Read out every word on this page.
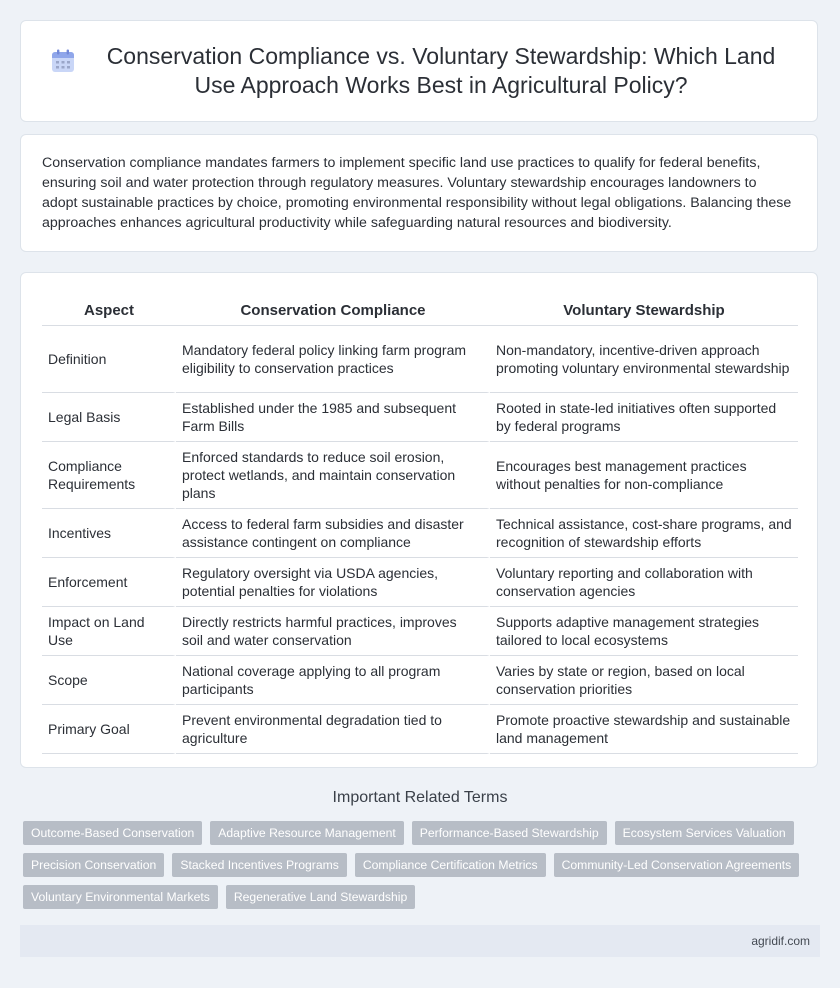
Conservation Compliance vs. Voluntary Stewardship: Which Land Use Approach Works Best in Agricultural Policy?

Conservation compliance mandates farmers to implement specific land use practices to qualify for federal benefits, ensuring soil and water protection through regulatory measures. Voluntary stewardship encourages landowners to adopt sustainable practices by choice, promoting environmental responsibility without legal obligations. Balancing these approaches enhances agricultural productivity while safeguarding natural resources and biodiversity.

Aspect	Conservation Compliance	Voluntary Stewardship
Definition	Mandatory federal policy linking farm program eligibility to conservation practices	Non-mandatory, incentive-driven approach promoting voluntary environmental stewardship
Legal Basis	Established under the 1985 and subsequent Farm Bills	Rooted in state-led initiatives often supported by federal programs
Compliance Requirements	Enforced standards to reduce soil erosion, protect wetlands, and maintain conservation plans	Encourages best management practices without penalties for non-compliance
Incentives	Access to federal farm subsidies and disaster assistance contingent on compliance	Technical assistance, cost-share programs, and recognition of stewardship efforts
Enforcement	Regulatory oversight via USDA agencies, potential penalties for violations	Voluntary reporting and collaboration with conservation agencies
Impact on Land Use	Directly restricts harmful practices, improves soil and water conservation	Supports adaptive management strategies tailored to local ecosystems
Scope	National coverage applying to all program participants	Varies by state or region, based on local conservation priorities
Primary Goal	Prevent environmental degradation tied to agriculture	Promote proactive stewardship and sustainable land management
Important Related Terms
Outcome-Based Conservation	Adaptive Resource Management	Performance-Based Stewardship	Ecosystem Services Valuation
Precision Conservation	Stacked Incentives Programs	Compliance Certification Metrics	Community-Led Conservation Agreements
Voluntary Environmental Markets	Regenerative Land Stewardship
agridif.com
